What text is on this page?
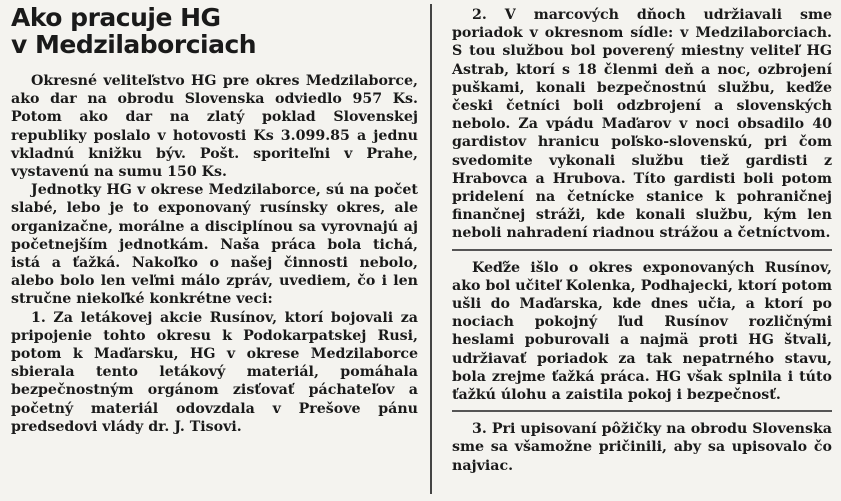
Ako pracuje HG
v Medzilaborciach

Okresné veliteľstvo HG pre okres Medzilaborce, ako dar na obrodu Slovenska odviedlo 957 Ks. Potom ako dar na zlatý poklad Slovenskej republiky poslalo v hotovosti Ks 3.099.85 a jednu vkladnú knižku býv. Pošt. sporiteľni v Prahe, vystavenú na sumu 150 Ks.

Jednotky HG v okrese Medzilaborce, sú na počet slabé, lebo je to exponovaný rusínsky okres, ale organizačne, morálne a disciplínou sa vyrovnajú aj početnejším jednotkám. Naša práca bola tichá, istá a ťažká. Nakoľko o našej činnosti nebolo, alebo bolo len veľmi málo zpráv, uvediem, čo i len stručne niekoľké konkrétne veci:

1. Za letákovej akcie Rusínov, ktorí bojovali za pripojenie tohto okresu k Podokarpatskej Rusi, potom k Maďarsku, HG v okrese Medzilaborce sbierala tento letákový materiál, pomáhala bezpečnostným orgánom zisťovať páchateľov a početný materiál odovzdala v Prešove pánu predsedovi vlády dr. J. Tisovi.

2. V marcových dňoch udržiavali sme poriadok v okresnom sídle: v Medzilaborciach. S tou službou bol poverený miestny veliteľ HG Astrab, ktorí s 18 členmi deň a noc, ozbrojení puškami, konali bezpečnostnú službu, keďže česki četníci boli odzbrojení a slovenských nebolo. Za vpádu Maďarov v noci obsadilo 40 gardistov hranicu poľsko-slovenskú, pri čom svedomite vykonali službu tiež gardisti z Hrabovca a Hrubova. Títo gardisti boli potom pridelení na četnícke stanice k pohraničnej finančnej stráži, kde konali službu, kým len neboli nahradení riadnou strážou a četníctvom.

Keďže išlo o okres exponovaných Rusínov, ako bol učiteľ Kolenka, Podhajecki, ktorí potom ušli do Maďarska, kde dnes učia, a ktorí po nociach pokojný ľud Rusínov rozličnými heslami poburovali a najmä proti HG štvali, udržiavať poriadok za tak nepatrného stavu, bola zrejme ťažká práca. HG však splnila i túto ťažkú úlohu a zaistila pokoj i bezpečnosť.

3. Pri upisovaní pôžičky na obrodu Slovenska sme sa všamožne pričinili, aby sa upisovalo čo najviac.
